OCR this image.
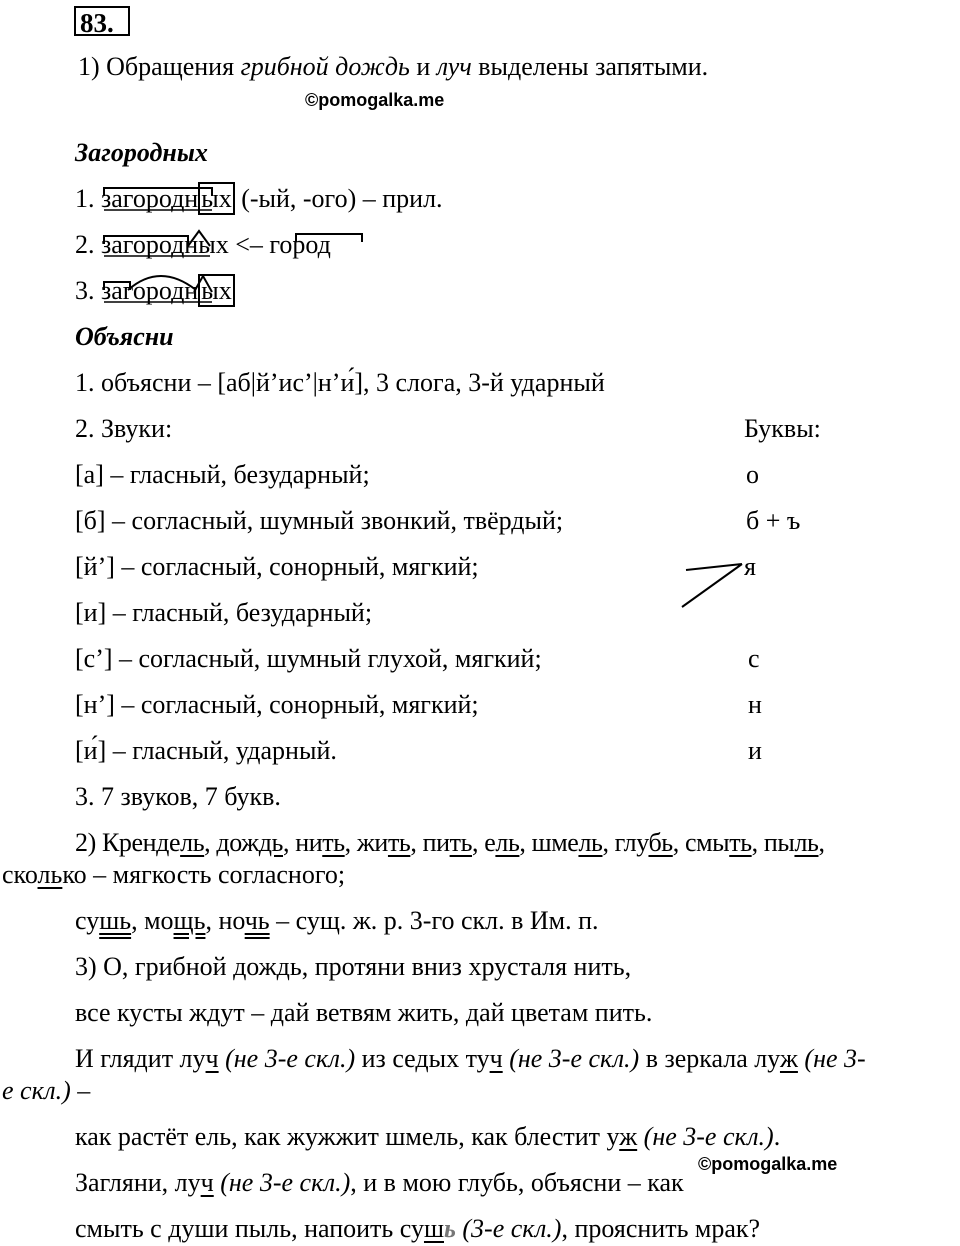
83.
1) Обращения грибной дождь и луч выделены запятыми.
©pomogalka.me
Загородных
1. загородн ых (-ый, -ого) – прил.
2. загородных <– город
3. загородн ых
Объясни
1. объясни – [аб|й’ис’|н’и́], 3 слога, 3-й ударный
2. Звуки:	Буквы:
[а] – гласный, безударный;	о
[б] – согласный, шумный звонкий, твёрдый;	б + ъ
[й’] – согласный, сонорный, мягкий;	я
[и] – гласный, безударный;
[с’] – согласный, шумный глухой, мягкий;	с
[н’] – согласный, сонорный, мягкий;	н
[и́] – гласный, ударный.	и
3. 7 звуков, 7 букв.
2) Крендель, дождь, нить, жить, пить, ель, шмель, глубь, смыть, пыль,
сколько – мягкость согласного;
сушь, мощь, ночь – сущ. ж. р. 3-го скл. в Им. п.
3) О, грибной дождь, протяни вниз хрусталя нить,
все кусты ждут – дай ветвям жить, дай цветам пить.
И глядит луч (не 3-е скл.) из седых туч (не 3-е скл.) в зеркала луж (не 3-
е скл.) –
как растёт ель, как жужжит шмель, как блестит уж (не 3-е скл.).
©pomogalka.me
Загляни, луч (не 3-е скл.), и в мою глубь, объясни – как
смыть с души пыль, напоить сушь (3-е скл.), прояснить мрак?
